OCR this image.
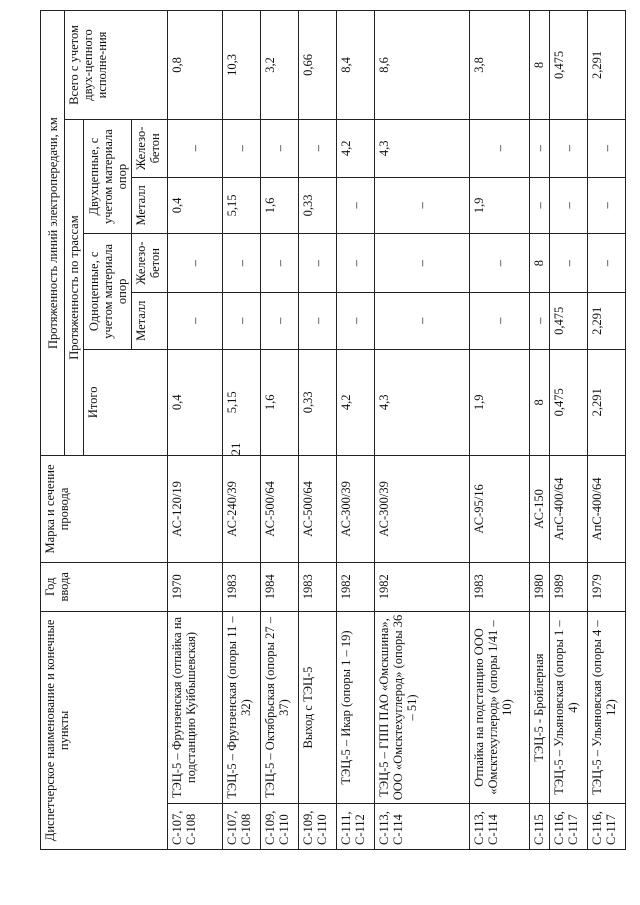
21
Диспетчерское наименование и конечные пункты		Год ввода	Марка и сечение провода	Протяженность линий электропередачи, км					
				Протяженность по трассам					Всего с учетом двух-цепного исполне-ния
				Итого	Одноцепные, с учетом материала опор		Двухцепные, с учетом материала опор		
					Металл	Железо-бетон	Металл	Железо-бетон	
С-107, С-108	ТЭЦ-5 – Фрунзенская (отпайка на подстанцию Куйбышевская)	1970	АС-120/19	0,4	–	–	0,4	–	0,8
С-107, С-108	ТЭЦ-5 – Фрунзенская (опоры 11 – 32)	1983	АС-240/39	5,15	–	–	5,15	–	10,3
С-109, С-110	ТЭЦ-5 – Октябрьская (опоры 27 – 37)	1984	АС-500/64	1,6	–	–	1,6	–	3,2
С-109, С-110	Выход с ТЭЦ-5	1983	АС-500/64	0,33	–	–	0,33	–	0,66
С-111, С-112	ТЭЦ-5 – Икар (опоры 1 – 19)	1982	АС-300/39	4,2	–	–	–	4,2	8,4
С-113, С-114	ТЭЦ-5 – ГПП ПАО «Омскшина», ООО «Омсктехуглерод» (опоры 36 – 51)	1982	АС-300/39	4,3	–	–	–	4,3	8,6
С-113, С-114	Отпайка на подстанцию ООО «Омсктехуглерод» (опоры 1/41 – 10)	1983	АС-95/16	1,9	–	–	1,9	–	3,8
С-115	ТЭЦ-5 - Бройлерная	1980	АС-150	8	–	8	–	–	8
С-116, С-117	ТЭЦ-5 – Ульяновская (опоры 1 – 4)	1989	АпС-400/64	0,475	0,475	–	–	–	0,475
С-116, С-117	ТЭЦ-5 – Ульяновская (опоры 4 – 12)	1979	АпС-400/64	2,291	2,291	–	–	–	2,291
